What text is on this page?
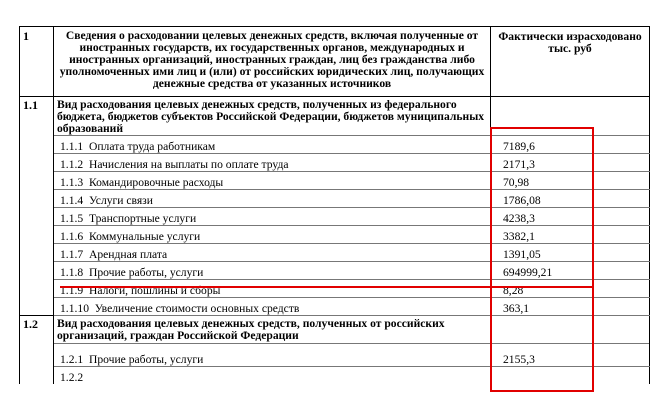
1	Сведения о расходовании целевых денежных средств, включая полученные от иностранных государств, их государственных органов, международных и иностранных организаций, иностранных граждан, лиц без гражданства либо уполномоченных ими лиц и (или) от российских юридических лиц, получающих денежные средства от указанных источников	Фактически израсходовано тыс. руб
1.1	Вид расходования целевых денежных средств, полученных из федерального бюджета, бюджетов субъектов Российской Федерации, бюджетов муниципальных образований	
	1.1.1 Оплата труда работникам	7189,6
	1.1.2 Начисления на выплаты по оплате труда	2171,3
	1.1.3 Командировочные расходы	70,98
	1.1.4 Услуги связи	1786,08
	1.1.5 Транспортные услуги	4238,3
	1.1.6 Коммунальные услуги	3382,1
	1.1.7 Арендная плата	1391,05
	1.1.8 Прочие работы, услуги	694999,21
	1.1.9 Налоги, пошлины и сборы	8,28
	1.1.10 Увеличение стоимости основных средств	363,1
1.2	Вид расходования целевых денежных средств, полученных от российских организаций, граждан Российской Федерации	
	1.2.1 Прочие работы, услуги	2155,3
	1.2.2	
